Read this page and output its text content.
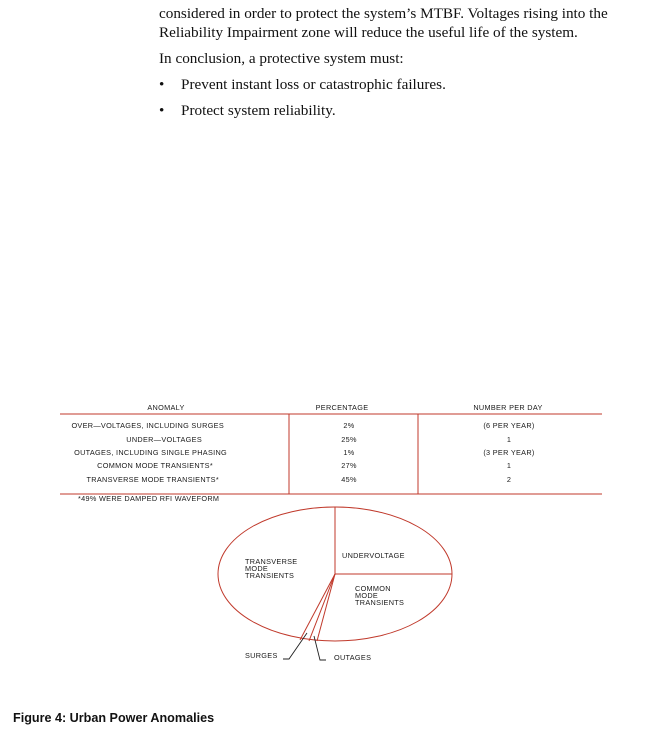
considered in order to protect the system’s MTBF. Voltages rising into the

Reliability Impairment zone will reduce the useful life of the system.

In conclusion, a protective system must:

• Prevent instant loss or catastrophic failures.
• Protect system reliability.
ANOMALY	PERCENTAGE	NUMBER PER DAY
OVER—VOLTAGES, INCLUDING SURGES	2%	(6 PER YEAR)
UNDER—VOLTAGES	25%	1
OUTAGES, INCLUDING SINGLE PHASING	1%	(3 PER YEAR)
COMMON MODE TRANSIENTS*	27%	1
TRANSVERSE MODE TRANSIENTS*	45%	2
*49% WERE DAMPED RFI WAVEFORM
UNDERVOLTAGE
COMMON
MODE
TRANSIENTS
TRANSVERSE
MODE
TRANSIENTS
SURGES	OUTAGES
Figure 4: Urban Power Anomalies
